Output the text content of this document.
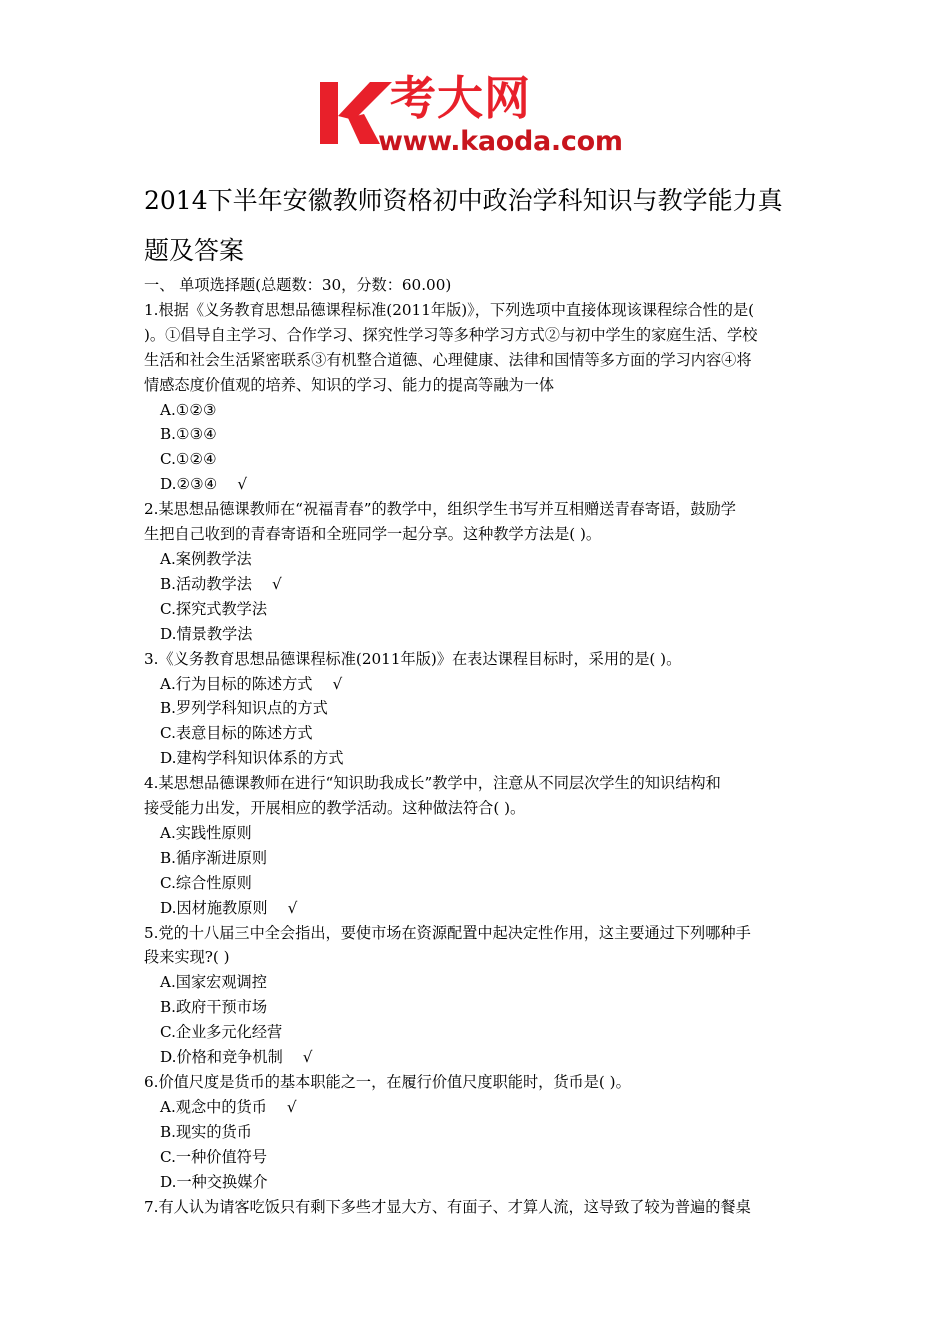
考大网
www.kaoda.com
2014下半年安徽教师资格初中政治学科知识与教学能力真
题及答案

一、 单项选择题(总题数：30，分数：60.00)

1.根据《义务教育思想品德课程标准(2011年版)》，下列选项中直接体现该课程综合性的是(

)。①倡导自主学习、合作学习、探究性学习等多种学习方式②与初中学生的家庭生活、学校

生活和社会生活紧密联系③有机整合道德、心理健康、法律和国情等多方面的学习内容④将

情感态度价值观的培养、知识的学习、能力的提高等融为一体

A.①②③

B.①③④

C.①②④

D.②③④ √

2.某思想品德课教师在“祝福青春”的教学中，组织学生书写并互相赠送青春寄语，鼓励学

生把自己收到的青春寄语和全班同学一起分享。这种教学方法是( )。

A.案例教学法

B.活动教学法 √

C.探究式教学法

D.情景教学法

3.《义务教育思想品德课程标准(2011年版)》在表达课程目标时，采用的是( )。

A.行为目标的陈述方式 √

B.罗列学科知识点的方式

C.表意目标的陈述方式

D.建构学科知识体系的方式

4.某思想品德课教师在进行“知识助我成长”教学中，注意从不同层次学生的知识结构和

接受能力出发，开展相应的教学活动。这种做法符合( )。

A.实践性原则

B.循序渐进原则

C.综合性原则

D.因材施教原则 √

5.党的十八届三中全会指出，要使市场在资源配置中起决定性作用，这主要通过下列哪种手

段来实现?( )

A.国家宏观调控

B.政府干预市场

C.企业多元化经营

D.价格和竞争机制 √

6.价值尺度是货币的基本职能之一，在履行价值尺度职能时，货币是( )。

A.观念中的货币 √

B.现实的货币

C.一种价值符号

D.一种交换媒介

7.有人认为请客吃饭只有剩下多些才显大方、有面子、才算人流，这导致了较为普遍的餐桌
